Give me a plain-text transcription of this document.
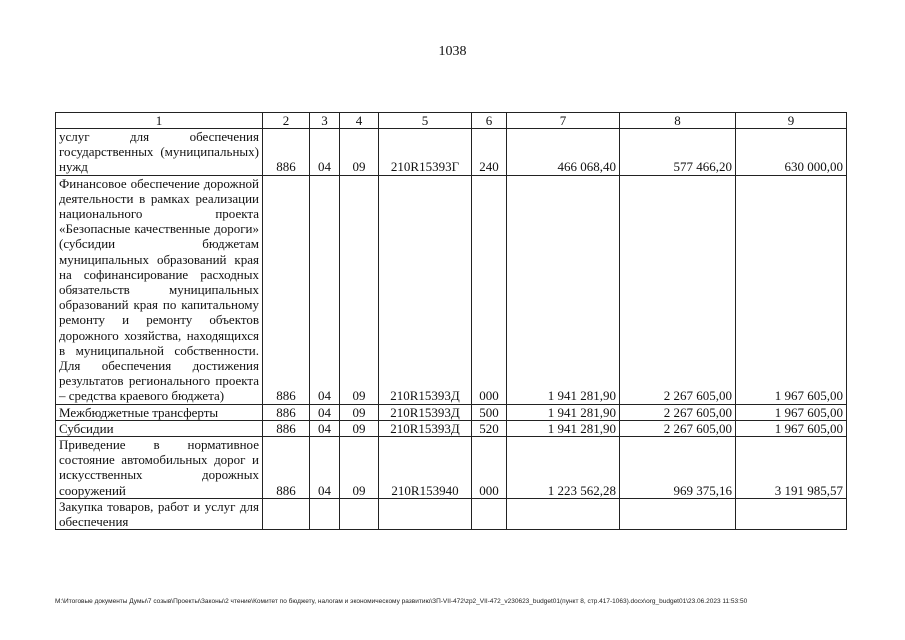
1038
1	2	3	4	5	6	7	8	9
услуг для обеспечения государственных (муниципальных) нужд	886	04	09	210R15393Г	240	466 068,40	577 466,20	630 000,00
Финансовое обеспечение дорожной деятельности в рамках реализации национального проекта «Безопасные качественные дороги» (субсидии бюджетам муниципальных образований края на софинансирование расходных обязательств муниципальных образований края по капитальному ремонту и ремонту объектов дорожного хозяйства, находящихся в муниципальной собственности. Для обеспечения достижения результатов регионального проекта – средства краевого бюджета)	886	04	09	210R15393Д	000	1 941 281,90	2 267 605,00	1 967 605,00
Межбюджетные трансферты	886	04	09	210R15393Д	500	1 941 281,90	2 267 605,00	1 967 605,00
Субсидии	886	04	09	210R15393Д	520	1 941 281,90	2 267 605,00	1 967 605,00
Приведение в нормативное состояние автомобильных дорог и искусственных дорожных сооружений	886	04	09	210R153940	000	1 223 562,28	969 375,16	3 191 985,57
Закупка товаров, работ и услуг для обеспечения								
M:\Итоговые документы Думы\7 созыв\Проекты\Законы\2 чтение\Комитет по бюджету, налогам и экономическому развитию\ЗП-VII-472\zp2_VII-472_v230623_budget01(пункт 8, стр.417-1063).docx\org_budget01\23.06.2023 11:53:50
